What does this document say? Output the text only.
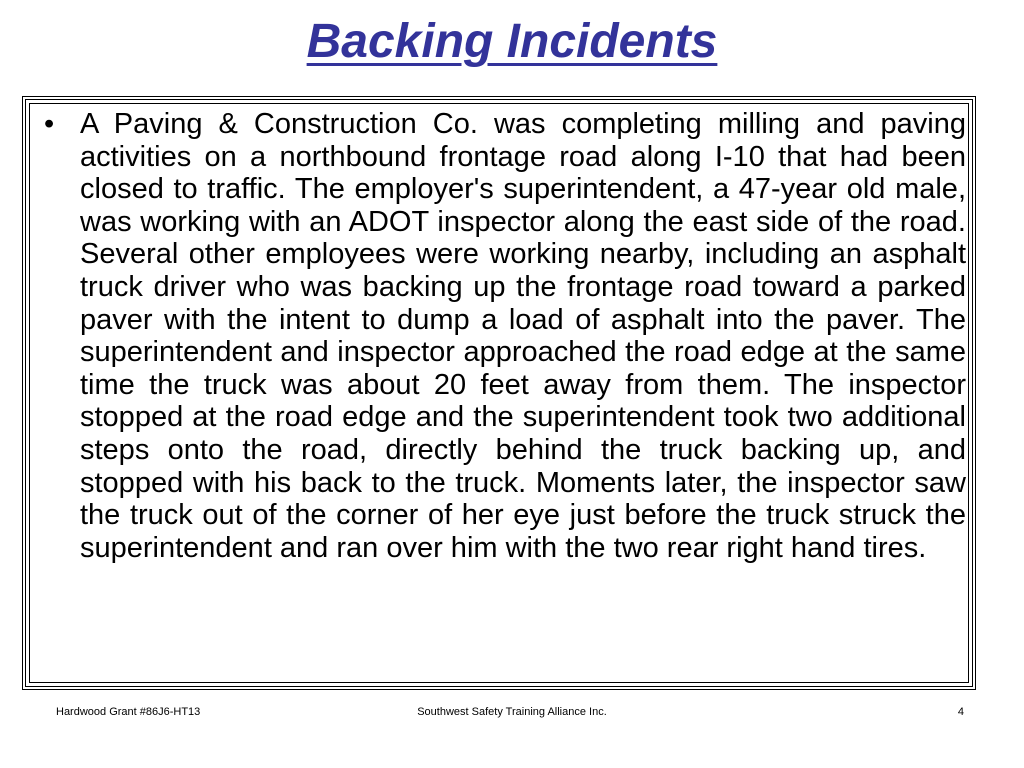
Backing Incidents
• A Paving & Construction Co. was completing milling and paving activities on a northbound frontage road along I-10 that had been closed to traffic. The employer's superintendent, a 47-year old male, was working with an ADOT inspector along the east side of the road. Several other employees were working nearby, including an asphalt truck driver who was backing up the frontage road toward a parked paver with the intent to dump a load of asphalt into the paver. The superintendent and inspector approached the road edge at the same time the truck was about 20 feet away from them. The inspector stopped at the road edge and the superintendent took two additional steps onto the road, directly behind the truck backing up, and stopped with his back to the truck. Moments later, the inspector saw the truck out of the corner of her eye just before the truck struck the superintendent and ran over him with the two rear right hand tires.

Hardwood Grant #86J6-HT13	Southwest Safety Training Alliance Inc.	4
